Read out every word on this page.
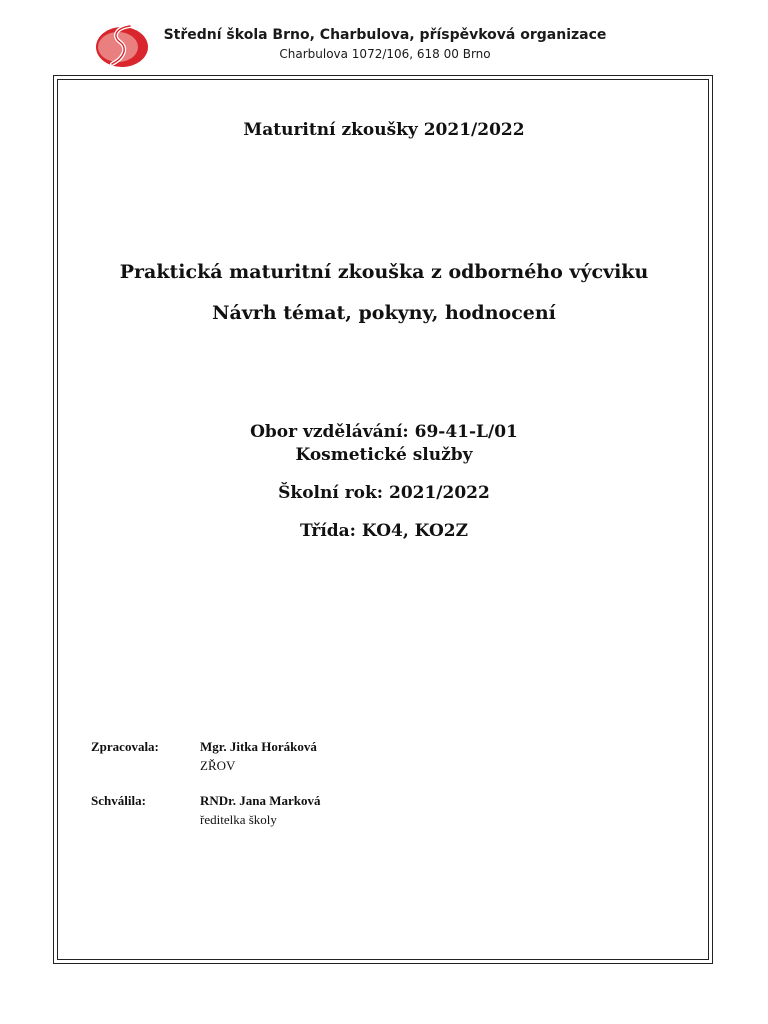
Střední škola Brno, Charbulova, příspěvková organizace
Charbulova 1072/106, 618 00 Brno
Maturitní zkoušky 2021/2022
Praktická maturitní zkouška z odborného výcviku
Návrh témat, pokyny, hodnocení
Obor vzdělávání: 69-41-L/01
Kosmetické služby
Školní rok: 2021/2022
Třída: KO4, KO2Z
Zpracovala:	Mgr. Jitka Horáková
ZŘOV
Schválila:	RNDr. Jana Marková
ředitelka školy
